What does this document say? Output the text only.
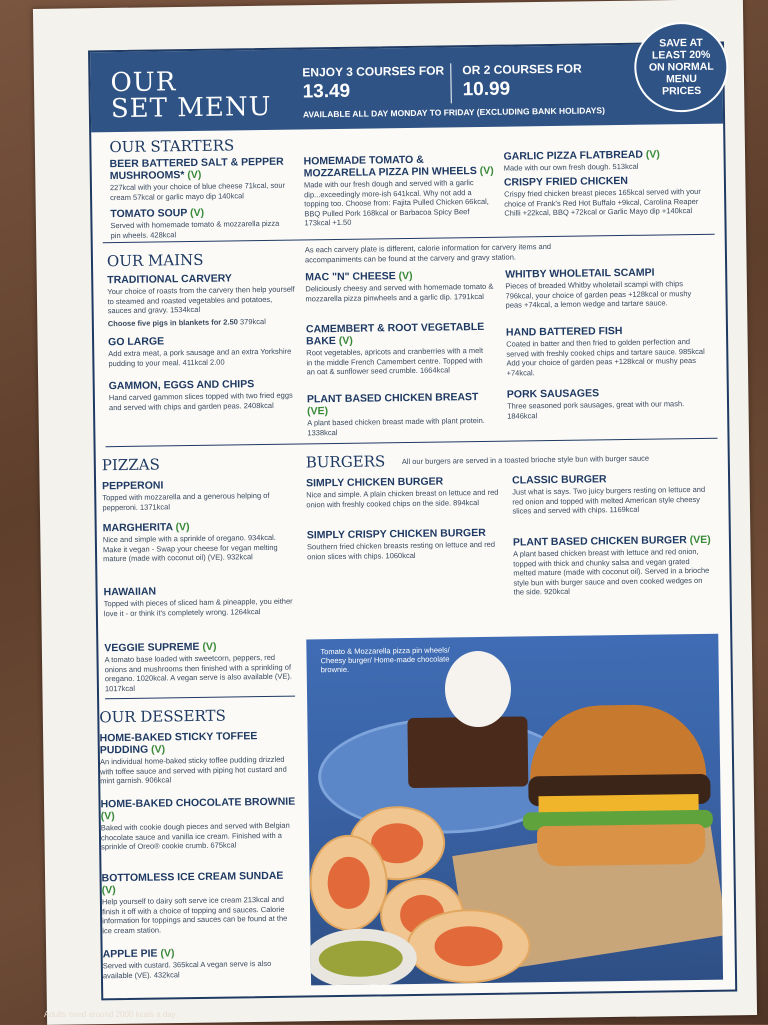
OUR
SET MENU
ENJOY 3 COURSES FOR
13.49
OR 2 COURSES FOR
10.99
AVAILABLE ALL DAY MONDAY TO FRIDAY (EXCLUDING BANK HOLIDAYS)
SAVE AT LEAST 20% ON NORMAL MENU PRICES
OUR STARTERS
BEER BATTERED SALT & PEPPER MUSHROOMS* (V)
227kcal with your choice of blue cheese 71kcal, sour cream 57kcal or garlic mayo dip 140kcal
TOMATO SOUP (V)
Served with homemade tomato & mozzarella pizza pin wheels. 428kcal
HOMEMADE TOMATO & MOZZARELLA PIZZA PIN WHEELS (V)
Made with our fresh dough and served with a garlic dip...exceedingly more-ish 641kcal. Why not add a topping too. Choose from: Fajita Pulled Chicken 66kcal, BBQ Pulled Pork 168kcal or Barbacoa Spicy Beef 173kcal +1.50
GARLIC PIZZA FLATBREAD (V)
Made with our own fresh dough. 513kcal
CRISPY FRIED CHICKEN
Crispy fried chicken breast pieces 165kcal served with your choice of Frank's Red Hot Buffalo +9kcal, Carolina Reaper Chilli +22kcal, BBQ +72kcal or Garlic Mayo dip +140kcal
OUR MAINS
As each carvery plate is different, calorie information for carvery items and accompaniments can be found at the carvery and gravy station.
TRADITIONAL CARVERY
Your choice of roasts from the carvery then help yourself to steamed and roasted vegetables and potatoes, sauces and gravy. 1534kcal
Choose five pigs in blankets for 2.50 379kcal
GO LARGE
Add extra meat, a pork sausage and an extra Yorkshire pudding to your meal. 411kcal 2.00
GAMMON, EGGS AND CHIPS
Hand carved gammon slices topped with two fried eggs and served with chips and garden peas. 2408kcal
MAC "N" CHEESE (V)
Deliciously cheesy and served with homemade tomato & mozzarella pizza pinwheels and a garlic dip. 1791kcal
CAMEMBERT & ROOT VEGETABLE BAKE (V)
Root vegetables, apricots and cranberries with a melt in the middle French Camembert centre. Topped with an oat & sunflower seed crumble. 1664kcal
PLANT BASED CHICKEN BREAST (VE)
A plant based chicken breast made with plant protein. 1338kcal
WHITBY WHOLETAIL SCAMPI
Pieces of breaded Whitby wholetail scampi with chips 796kcal, your choice of garden peas +128kcal or mushy peas +74kcal, a lemon wedge and tartare sauce.
HAND BATTERED FISH
Coated in batter and then fried to golden perfection and served with freshly cooked chips and tartare sauce. 985kcal Add your choice of garden peas +128kcal or mushy peas +74kcal.
PORK SAUSAGES
Three seasoned pork sausages, great with our mash. 1846kcal
PIZZAS
PEPPERONI
Topped with mozzarella and a generous helping of pepperoni. 1371kcal
MARGHERITA (V)
Nice and simple with a sprinkle of oregano. 934kcal. Make it vegan - Swap your cheese for vegan melting mature (made with coconut oil) (VE). 932kcal
HAWAIIAN
Topped with pieces of sliced ham & pineapple, you either love it - or think it's completely wrong. 1264kcal
VEGGIE SUPREME (V)
A tomato base loaded with sweetcorn, peppers, red onions and mushrooms then finished with a sprinkling of oregano. 1020kcal. A vegan serve is also available (VE). 1017kcal
BURGERS All our burgers are served in a toasted brioche style bun with burger sauce
SIMPLY CHICKEN BURGER
Nice and simple. A plain chicken breast on lettuce and red onion with freshly cooked chips on the side. 894kcal
SIMPLY CRISPY CHICKEN BURGER
Southern fried chicken breasts resting on lettuce and red onion slices with chips. 1060kcal
CLASSIC BURGER
Just what is says. Two juicy burgers resting on lettuce and red onion and topped with melted American style cheesy slices and served with chips. 1169kcal
PLANT BASED CHICKEN BURGER (VE)
A plant based chicken breast with lettuce and red onion, topped with thick and chunky salsa and vegan grated melted mature (made with coconut oil). Served in a brioche style bun with burger sauce and oven cooked wedges on the side. 920kcal
OUR DESSERTS
HOME-BAKED STICKY TOFFEE PUDDING (V)
An individual home-baked sticky toffee pudding drizzled with toffee sauce and served with piping hot custard and mint garnish. 906kcal
HOME-BAKED CHOCOLATE BROWNIE (V)
Baked with cookie dough pieces and served with Belgian chocolate sauce and vanilla ice cream. Finished with a sprinkle of Oreo® cookie crumb. 675kcal
BOTTOMLESS ICE CREAM SUNDAE (V)
Help yourself to dairy soft serve ice cream 213kcal and finish it off with a choice of topping and sauces. Calorie information for toppings and sauces can be found at the ice cream station.
APPLE PIE (V)
Served with custard. 365kcal A vegan serve is also available (VE). 432kcal
Tomato & Mozzarella pizza pin wheels/ Cheesy burger/ Home-made chocolate brownie.
Adults need around 2000 kcals a day
